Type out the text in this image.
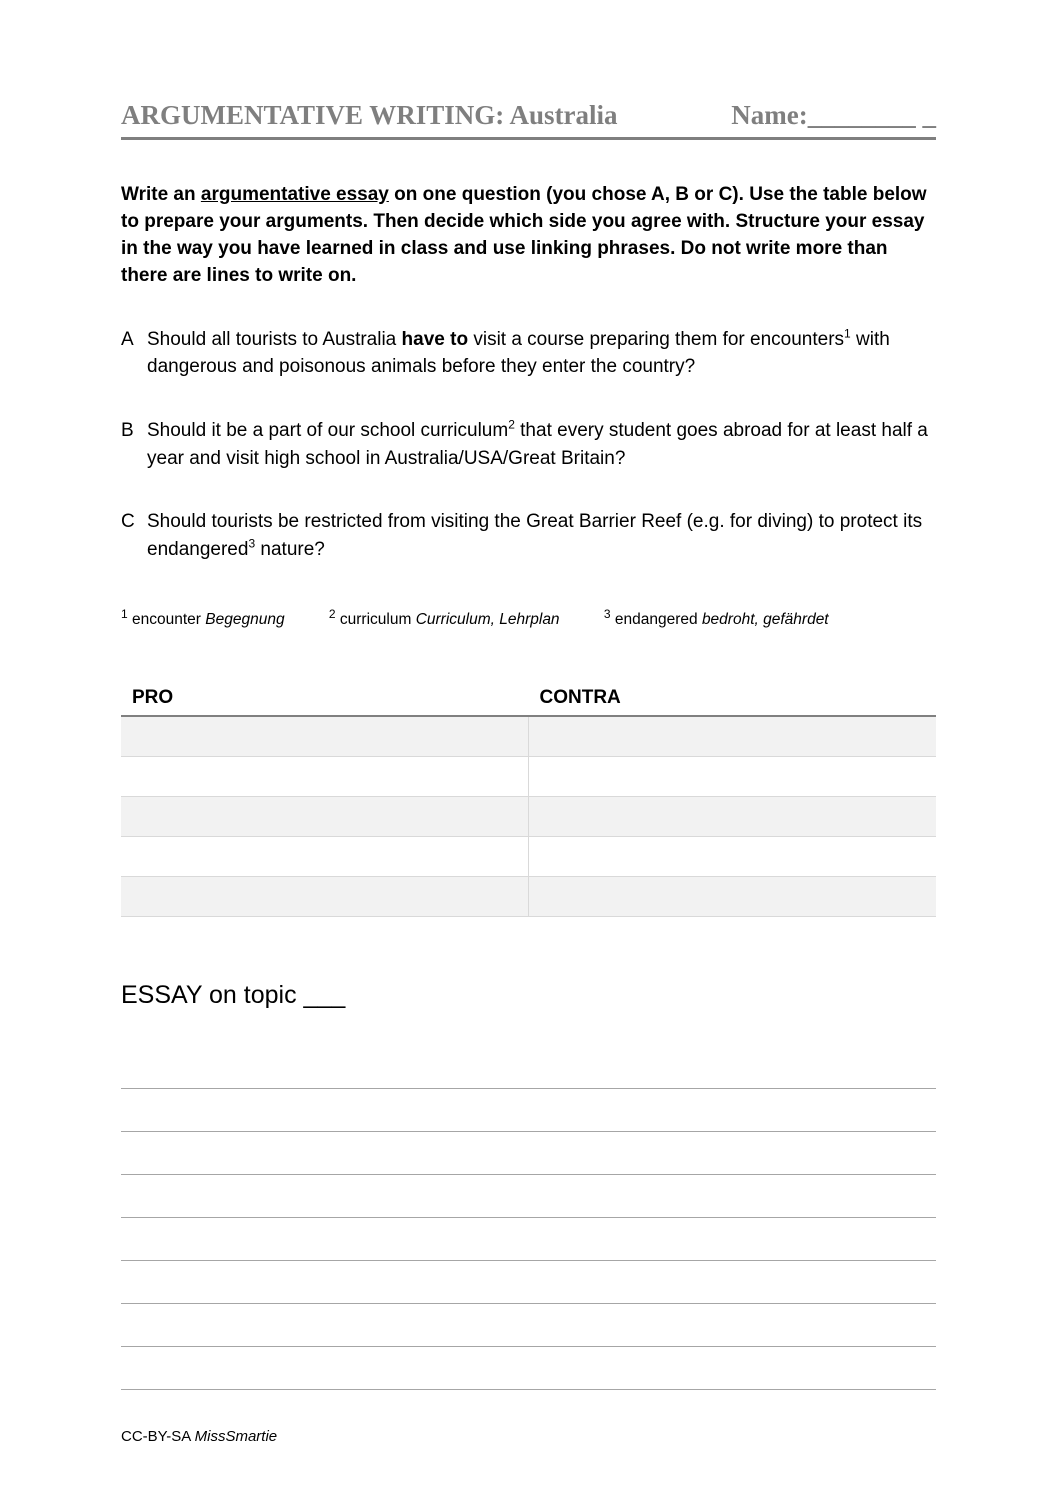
ARGUMENTATIVE WRITING: Australia	Name:________ _

Write an argumentative essay on one question (you chose A, B or C). Use the table below to prepare your arguments. Then decide which side you agree with. Structure your essay in the way you have learned in class and use linking phrases. Do not write more than there are lines to write on.

A Should all tourists to Australia have to visit a course preparing them for encounters$^1$ with dangerous and poisonous animals before they enter the country?
B Should it be a part of our school curriculum$^2$ that every student goes abroad for at least half a year and visit high school in Australia/USA/Great Britain?
C Should tourists be restricted from visiting the Great Barrier Reef (e.g. for diving) to protect its endangered$^3$ nature?
$^1$ encounter Begegnung	$^2$ curriculum Curriculum, Lehrplan	$^3$ endangered bedroht, gefährdet
PRO	CONTRA
ESSAY on topic ___
CC-BY-SA MissSmartie
